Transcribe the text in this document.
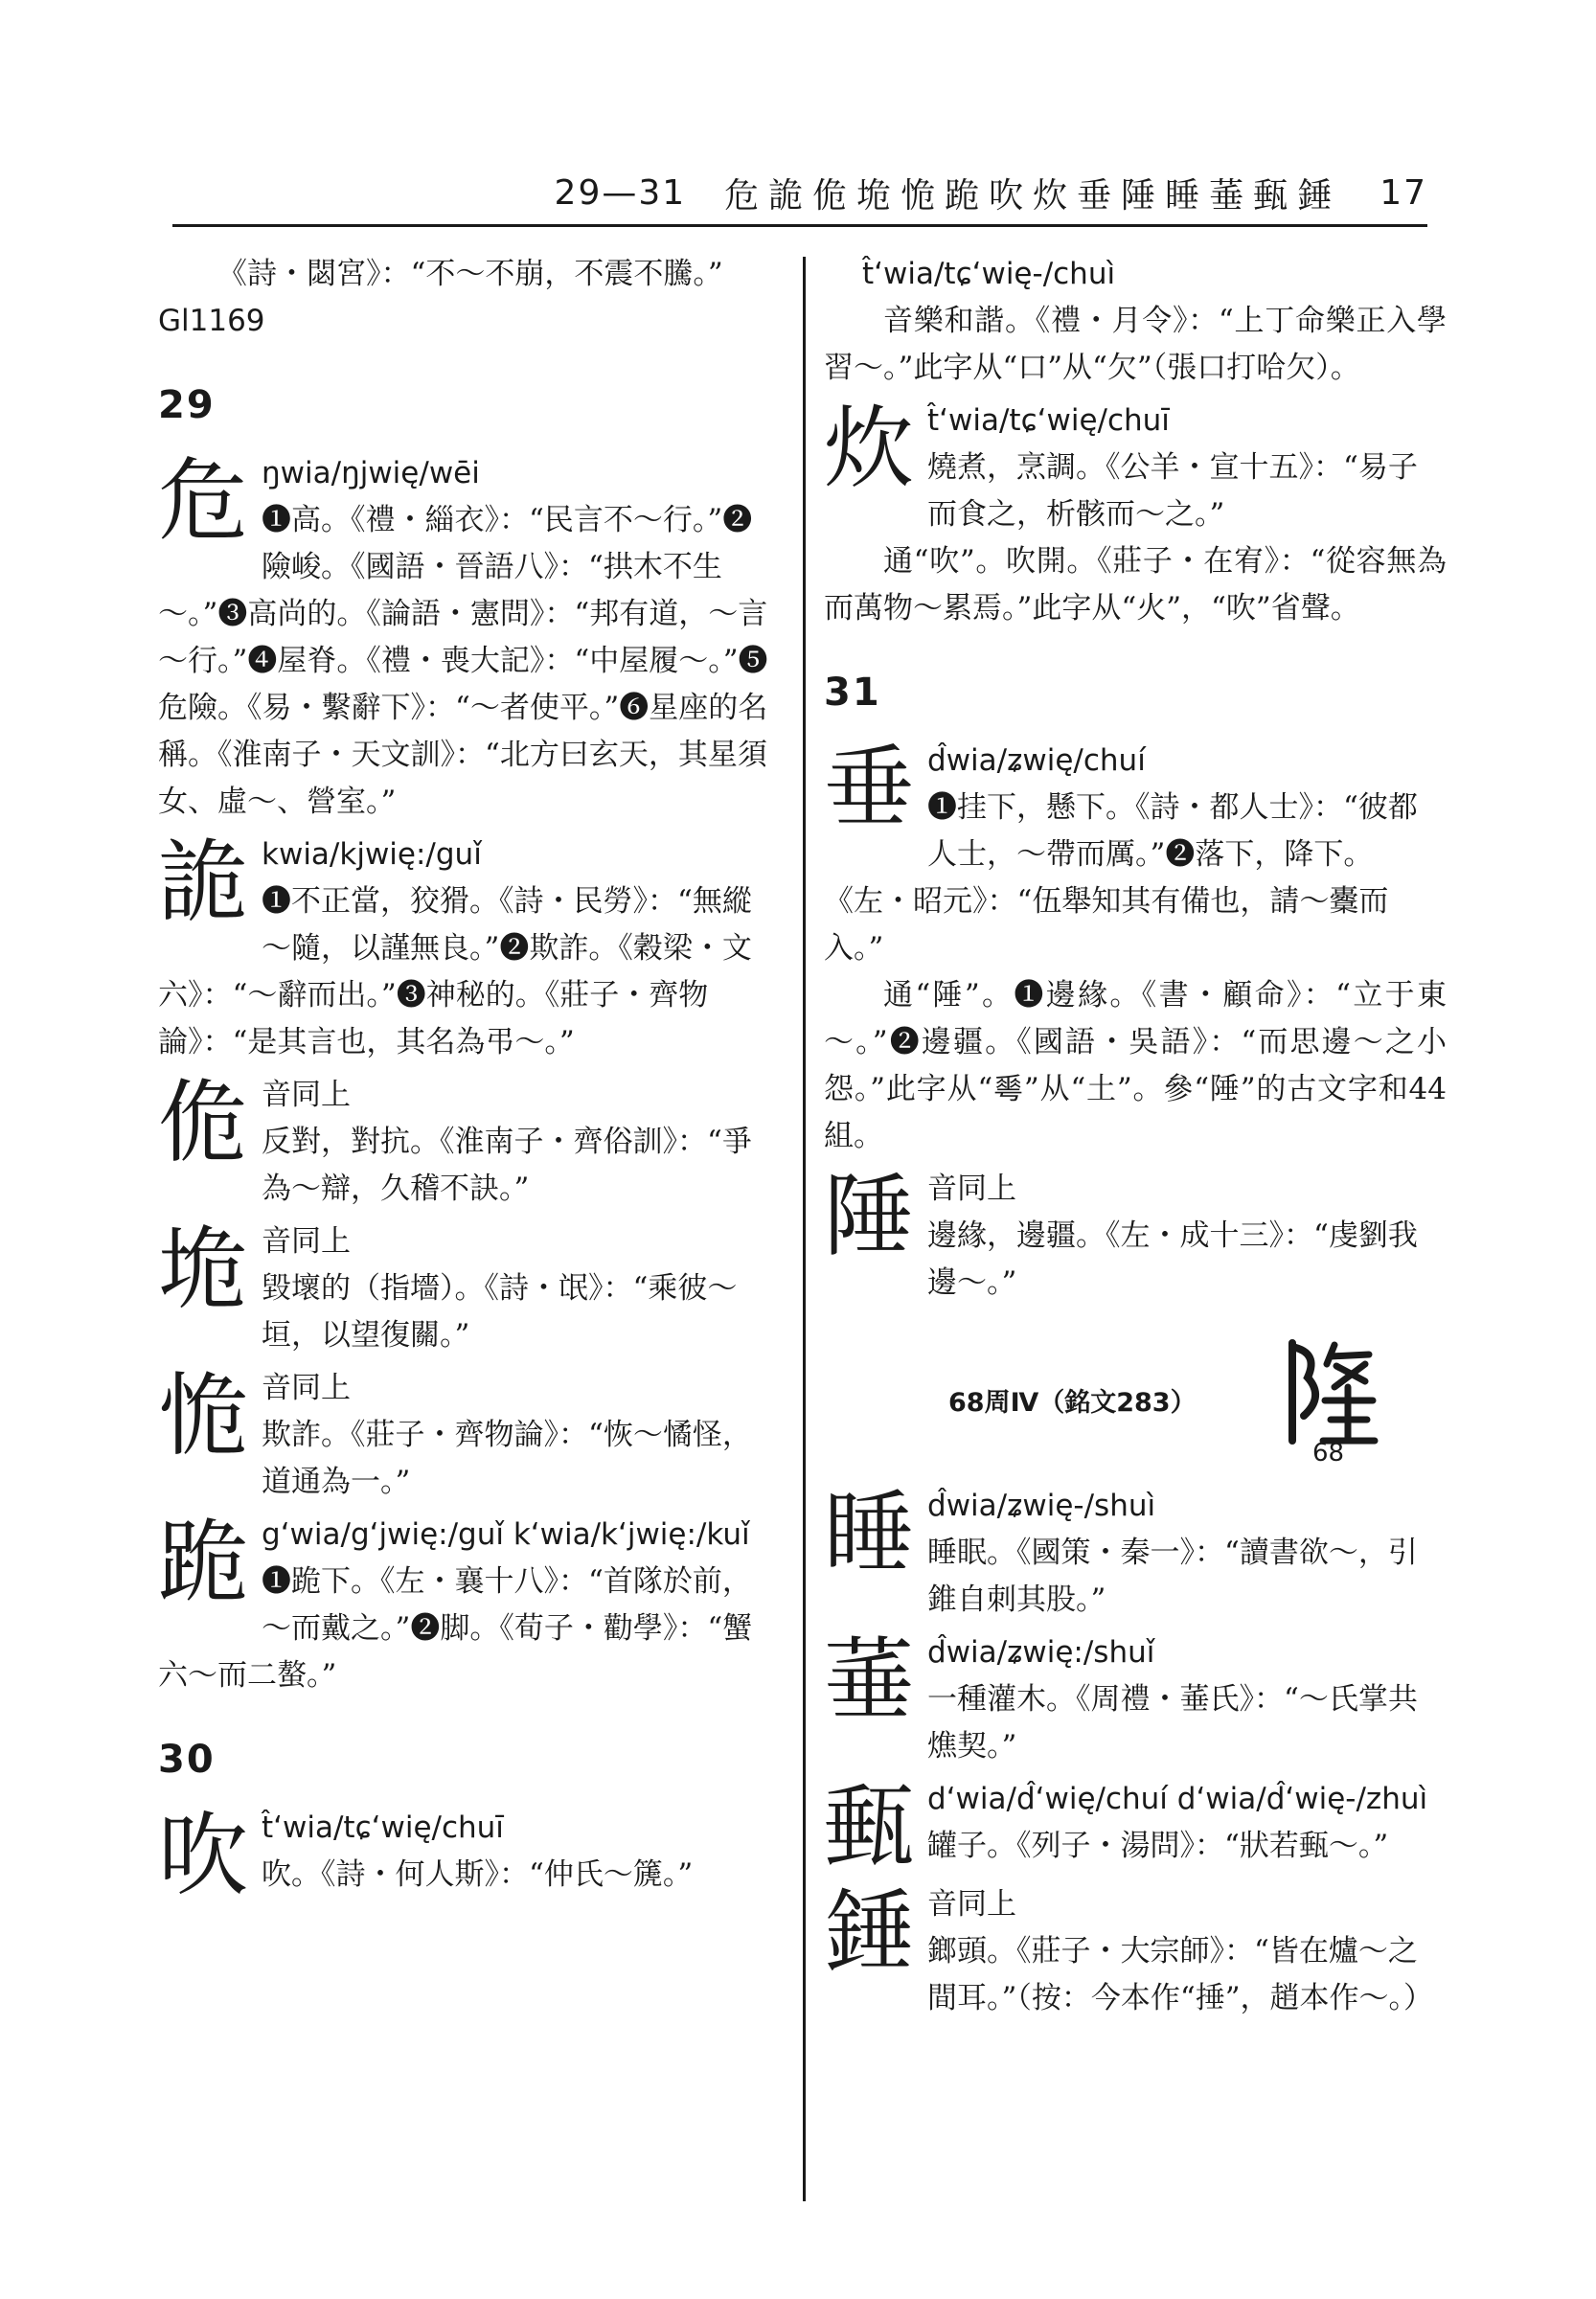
29—31 危詭佹垝恑跪吹炊垂陲睡菙甀錘 17

《詩・閟宮》：“不～不崩，不震不騰。”

Gl1169

29
危 ŋwia/ŋjwię/wēi
❶高。《禮・緇衣》：“民言不～行。”❷險峻。《國語・晉語八》：“拱木不生～。”❸高尚的。《論語・憲問》：“邦有道，～言～行。”❹屋脊。《禮・喪大記》：“中屋履～。”❺危險。《易・繫辭下》：“～者使平。”❻星座的名稱。《淮南子・天文訓》：“北方曰玄天，其星須女、虛～、營室。”
詭 kwia/kjwię:/guǐ
❶不正當，狡猾。《詩・民勞》：“無縱～隨，以謹無良。”❷欺詐。《穀梁・文六》：“～辭而出。”❸神秘的。《莊子・齊物論》：“是其言也，其名為弔～。”
佹 音同上
反對，對抗。《淮南子・齊俗訓》：“爭為～辯，久稽不訣。”
垝 音同上
毀壞的（指墻）。《詩・氓》：“乘彼～垣，以望復關。”
恑 音同上
欺詐。《莊子・齊物論》：“恢～憰怪，道通為一。”
跪 g‘wia/g‘jwię:/guǐ k‘wia/k‘jwię:/kuǐ
❶跪下。《左・襄十八》：“首隊於前，～而戴之。”❷脚。《荀子・勸學》：“蟹六～而二螯。”
30
吹 t̂‘wia/tɕ‘wię/chuī
吹。《詩・何人斯》：“仲氏～篪。”
t̂‘wia/tɕ‘wię-/chuì

音樂和諧。《禮・月令》：“上丁命樂正入學習～。”此字从“口”从“欠”（張口打哈欠）。

炊 t̂‘wia/tɕ‘wię/chuī
燒煮，烹調。《公羊・宣十五》：“易子而食之，析骸而～之。”

通“吹”。吹開。《莊子・在宥》：“從容無為而萬物～累焉。”此字从“火”，“吹”省聲。

31
垂 d̂wia/ʑwię/chuí
❶挂下，懸下。《詩・都人士》：“彼都人士，～帶而厲。”❷落下，降下。《左・昭元》：“伍舉知其有備也，請～櫜而入。”

通“陲”。❶邊緣。《書・顧命》：“立于東～。”❷邊疆。《國語・吳語》：“而思邊～之小怨。”此字从“𠌶”从“土”。參“陲”的古文字和44組。

陲 音同上
邊緣，邊疆。《左・成十三》：“虔劉我邊～。”
68周Ⅳ（銘文283）
68
睡 d̂wia/ʑwię-/shuì
睡眠。《國策・秦一》：“讀書欲～，引錐自刺其股。”
菙 d̂wia/ʑwię:/shuǐ
一種灌木。《周禮・菙氏》：“～氏掌共燋契。”
甀 d‘wia/d̂‘wię/chuí d‘wia/d̂‘wię-/zhuì
罐子。《列子・湯問》：“狀若甀～。”
錘 音同上
鎯頭。《莊子・大宗師》：“皆在爐～之間耳。”（按：今本作“捶”，趙本作～。）
